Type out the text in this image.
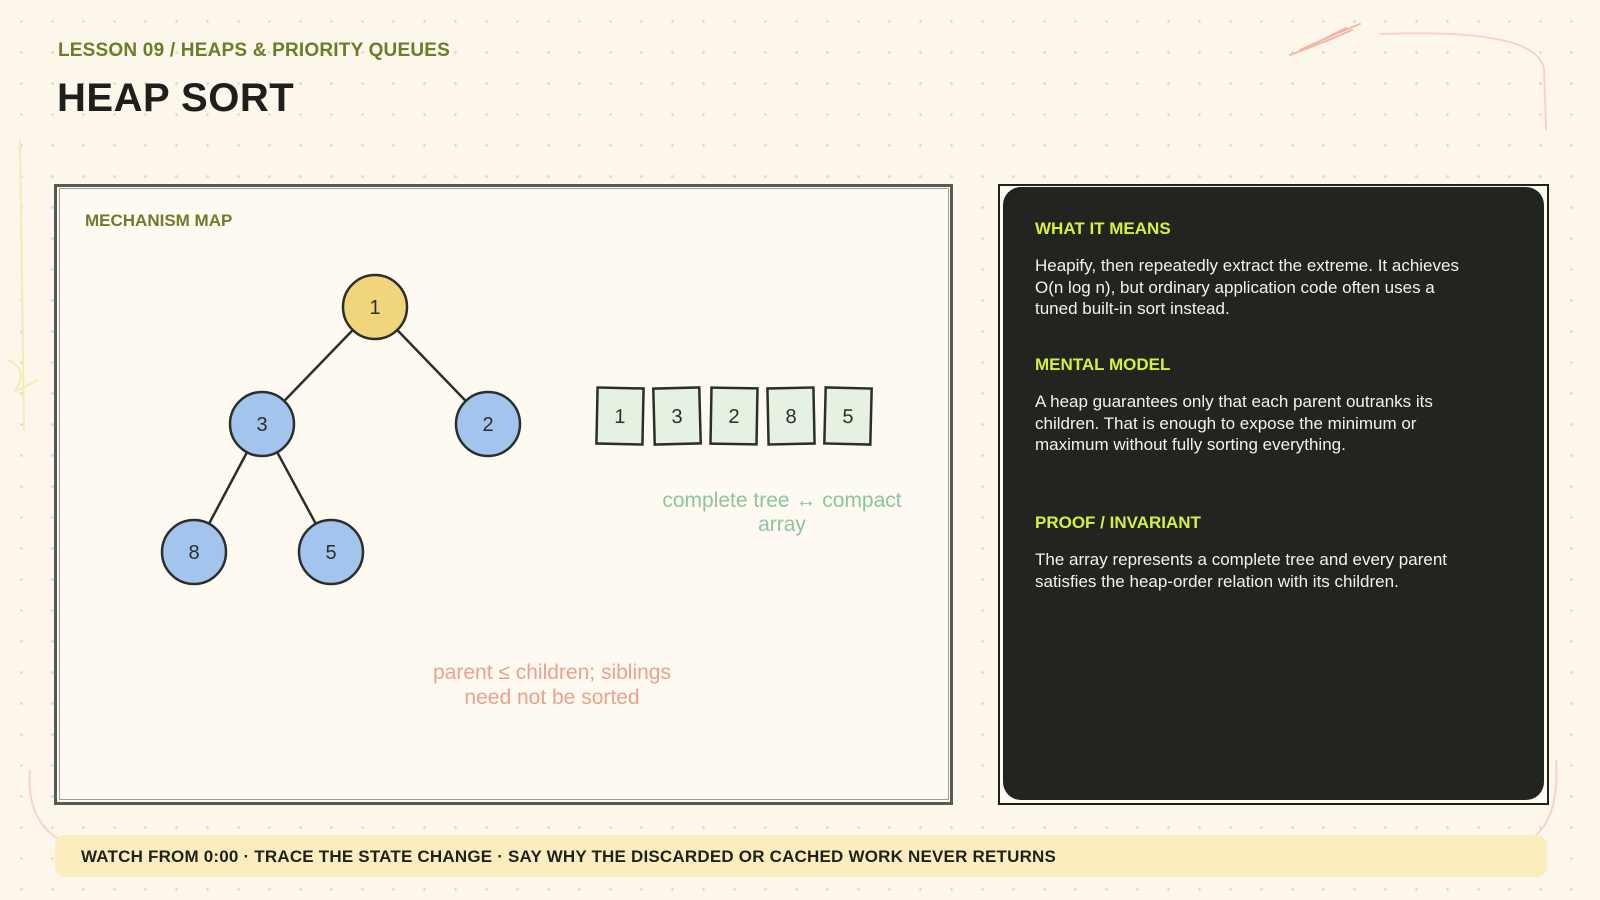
LESSON 09 / HEAPS & PRIORITY QUEUES
HEAP SORT
MECHANISM MAP
1
3	2
8	5
1 3 2 8 5
complete tree ↔ compact array
parent ≤ children; siblings need not be sorted
WHAT IT MEANS
Heapify, then repeatedly extract the extreme. It achieves O(n log n), but ordinary application code often uses a tuned built-in sort instead.
MENTAL MODEL
A heap guarantees only that each parent outranks its children. That is enough to expose the minimum or maximum without fully sorting everything.
PROOF / INVARIANT
The array represents a complete tree and every parent satisfies the heap-order relation with its children.
WATCH FROM 0:00 · TRACE THE STATE CHANGE · SAY WHY THE DISCARDED OR CACHED WORK NEVER RETURNS
